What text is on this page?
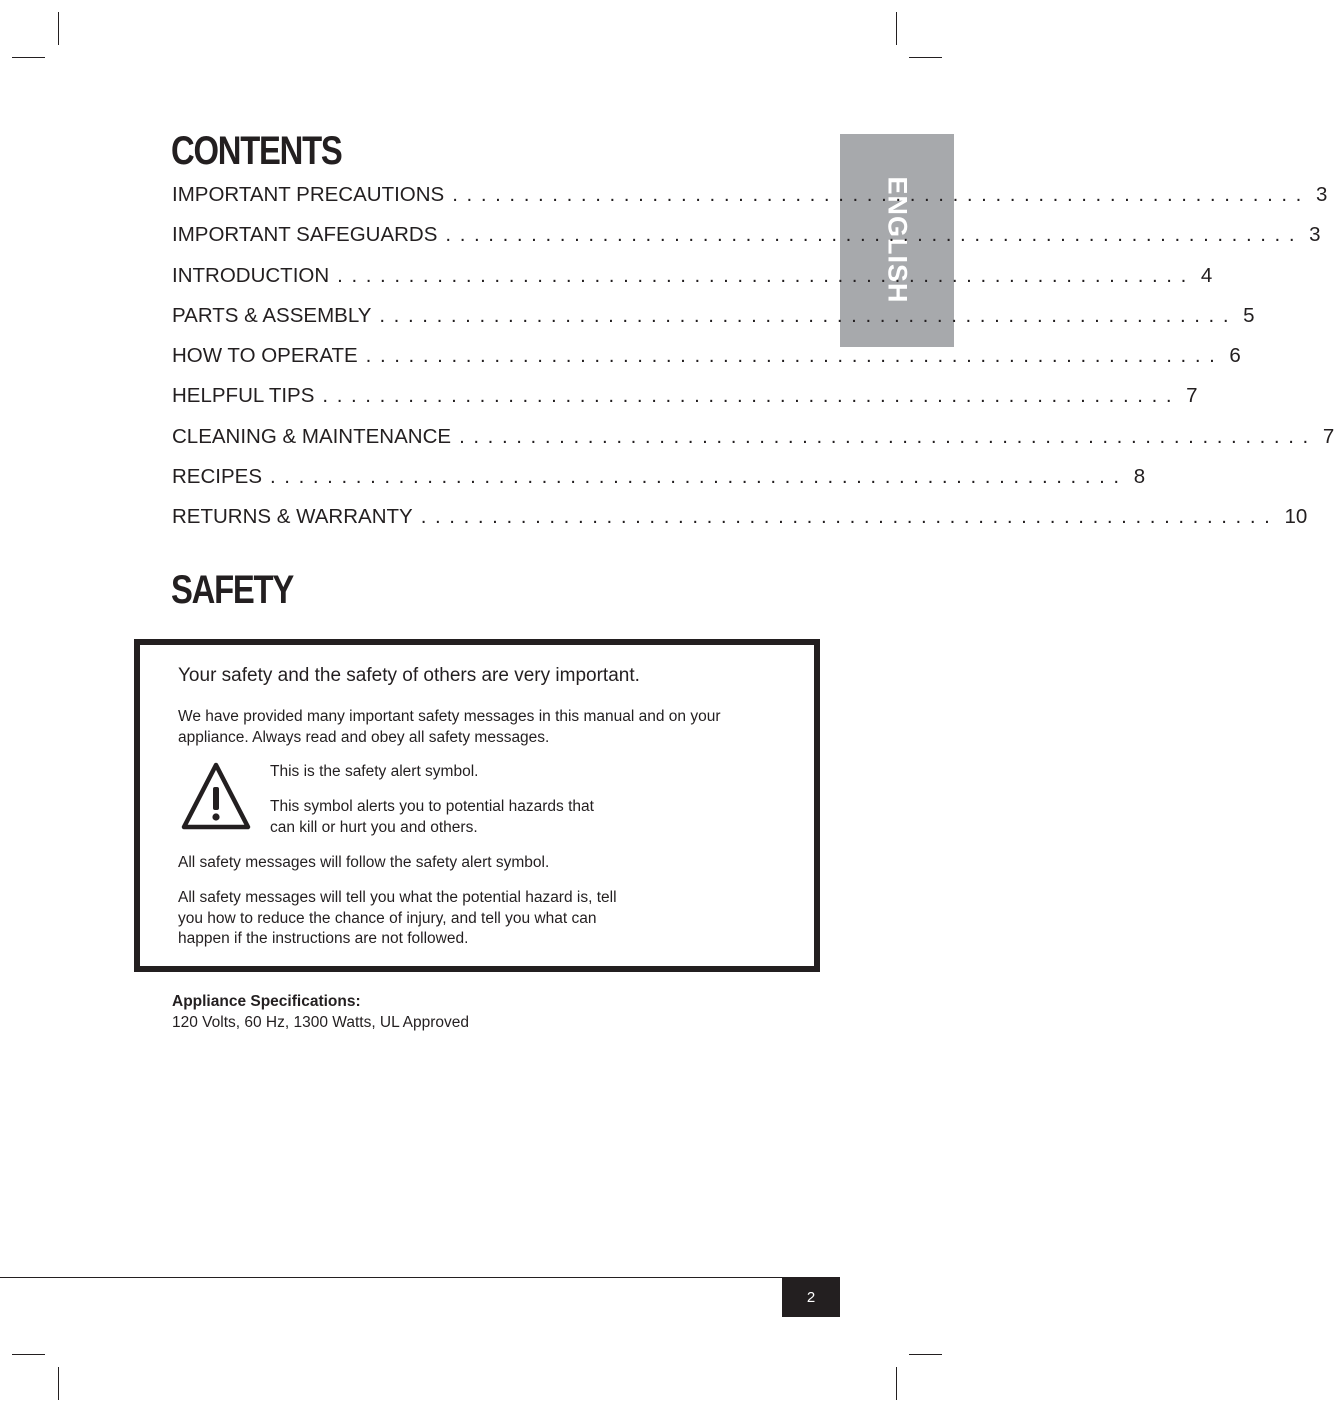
ENGLISH
CONTENTS
IMPORTANT PRECAUTIONS ............................................................ 3
IMPORTANT SAFEGUARDS ............................................................ 3
INTRODUCTION ............................................................ 4
PARTS & ASSEMBLY ............................................................ 5
HOW TO OPERATE ............................................................ 6
HELPFUL TIPS ............................................................ 7
CLEANING & MAINTENANCE ............................................................ 7
RECIPES ............................................................ 8
RETURNS & WARRANTY ............................................................ 10
SAFETY

Your safety and the safety of others are very important.

We have provided many important safety messages in this manual and on your appliance. Always read and obey all safety messages.

This is the safety alert symbol.

This symbol alerts you to potential hazards that can kill or hurt you and others.

All safety messages will follow the safety alert symbol.

All safety messages will tell you what the potential hazard is, tell you how to reduce the chance of injury, and tell you what can happen if the instructions are not followed.

Appliance Specifications:
120 Volts, 60 Hz, 1300 Watts, UL Approved
2
